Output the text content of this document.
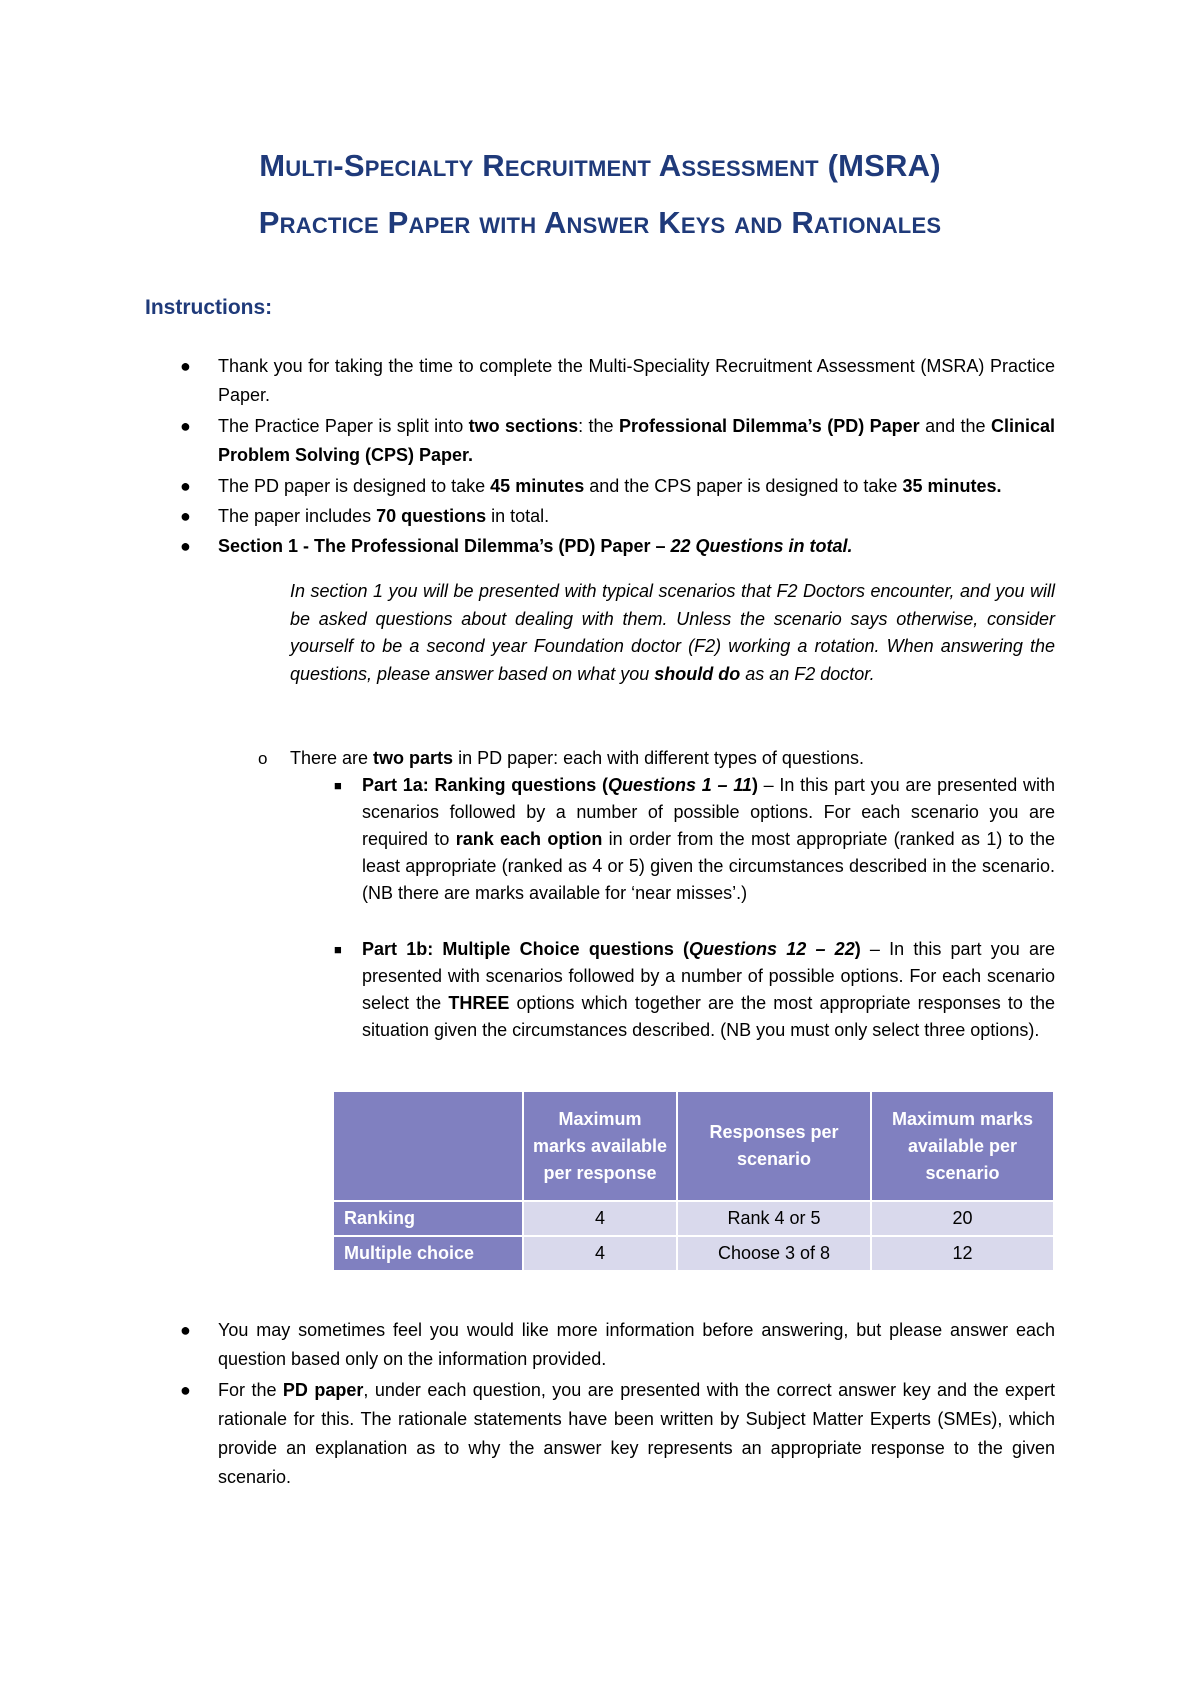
Multi-Specialty Recruitment Assessment (MSRA)
Practice Paper with Answer Keys and Rationales
Instructions:
● Thank you for taking the time to complete the Multi-Speciality Recruitment Assessment (MSRA) Practice Paper.
● The Practice Paper is split into two sections: the Professional Dilemma’s (PD) Paper and the Clinical Problem Solving (CPS) Paper.
● The PD paper is designed to take 45 minutes and the CPS paper is designed to take 35 minutes.
● The paper includes 70 questions in total.
● Section 1 - The Professional Dilemma’s (PD) Paper – 22 Questions in total.
In section 1 you will be presented with typical scenarios that F2 Doctors encounter, and you will be asked questions about dealing with them. Unless the scenario says otherwise, consider yourself to be a second year Foundation doctor (F2) working a rotation. When answering the questions, please answer based on what you should do as an F2 doctor.
o There are two parts in PD paper: each with different types of questions.
■ Part 1a: Ranking questions (Questions 1 – 11) – In this part you are presented with scenarios followed by a number of possible options. For each scenario you are required to rank each option in order from the most appropriate (ranked as 1) to the least appropriate (ranked as 4 or 5) given the circumstances described in the scenario. (NB there are marks available for ‘near misses’.)
■ Part 1b: Multiple Choice questions (Questions 12 – 22) – In this part you are presented with scenarios followed by a number of possible options. For each scenario select the THREE options which together are the most appropriate responses to the situation given the circumstances described. (NB you must only select three options).
	Maximum marks available per response	Responses per scenario	Maximum marks available per scenario
Ranking	4	Rank 4 or 5	20
Multiple choice	4	Choose 3 of 8	12
● You may sometimes feel you would like more information before answering, but please answer each question based only on the information provided.
● For the PD paper, under each question, you are presented with the correct answer key and the expert rationale for this. The rationale statements have been written by Subject Matter Experts (SMEs), which provide an explanation as to why the answer key represents an appropriate response to the given scenario.
